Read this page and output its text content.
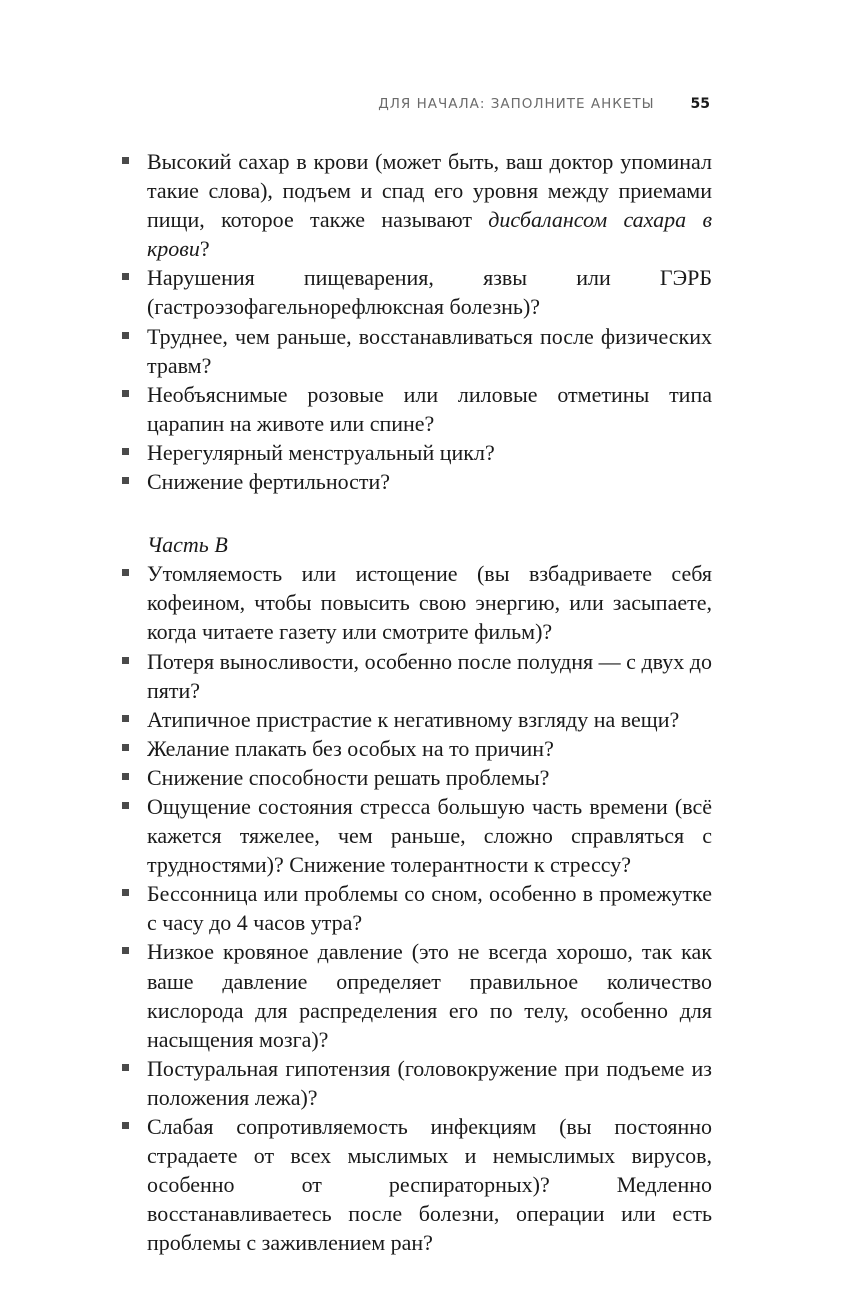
ДЛЯ НАЧАЛА: ЗАПОЛНИТЕ АНКЕТЫ	55
Высокий сахар в крови (может быть, ваш доктор упоминал такие слова), подъем и спад его уровня между приемами пищи, которое также называют дисбалансом сахара в крови?
Нарушения пищеварения, язвы или ГЭРБ (гастроэзофагельнорефлюксная болезнь)?
Труднее, чем раньше, восстанавливаться после физических травм?
Необъяснимые розовые или лиловые отметины типа царапин на животе или спине?
Нерегулярный менструальный цикл?
Снижение фертильности?
Часть B
Утомляемость или истощение (вы взбадриваете себя кофеином, чтобы повысить свою энергию, или засыпаете, когда читаете газету или смотрите фильм)?
Потеря выносливости, особенно после полудня — с двух до пяти?
Атипичное пристрастие к негативному взгляду на вещи?
Желание плакать без особых на то причин?
Снижение способности решать проблемы?
Ощущение состояния стресса большую часть времени (всё кажется тяжелее, чем раньше, сложно справляться с трудностями)? Снижение толерантности к стрессу?
Бессонница или проблемы со сном, особенно в промежутке с часу до 4 часов утра?
Низкое кровяное давление (это не всегда хорошо, так как ваше давление определяет правильное количество кислорода для распределения его по телу, особенно для насыщения мозга)?
Постуральная гипотензия (головокружение при подъеме из положения лежа)?
Слабая сопротивляемость инфекциям (вы постоянно страдаете от всех мыслимых и немыслимых вирусов, особенно от респираторных)? Медленно восстанавливаетесь после болезни, операции или есть проблемы с заживлением ран?
